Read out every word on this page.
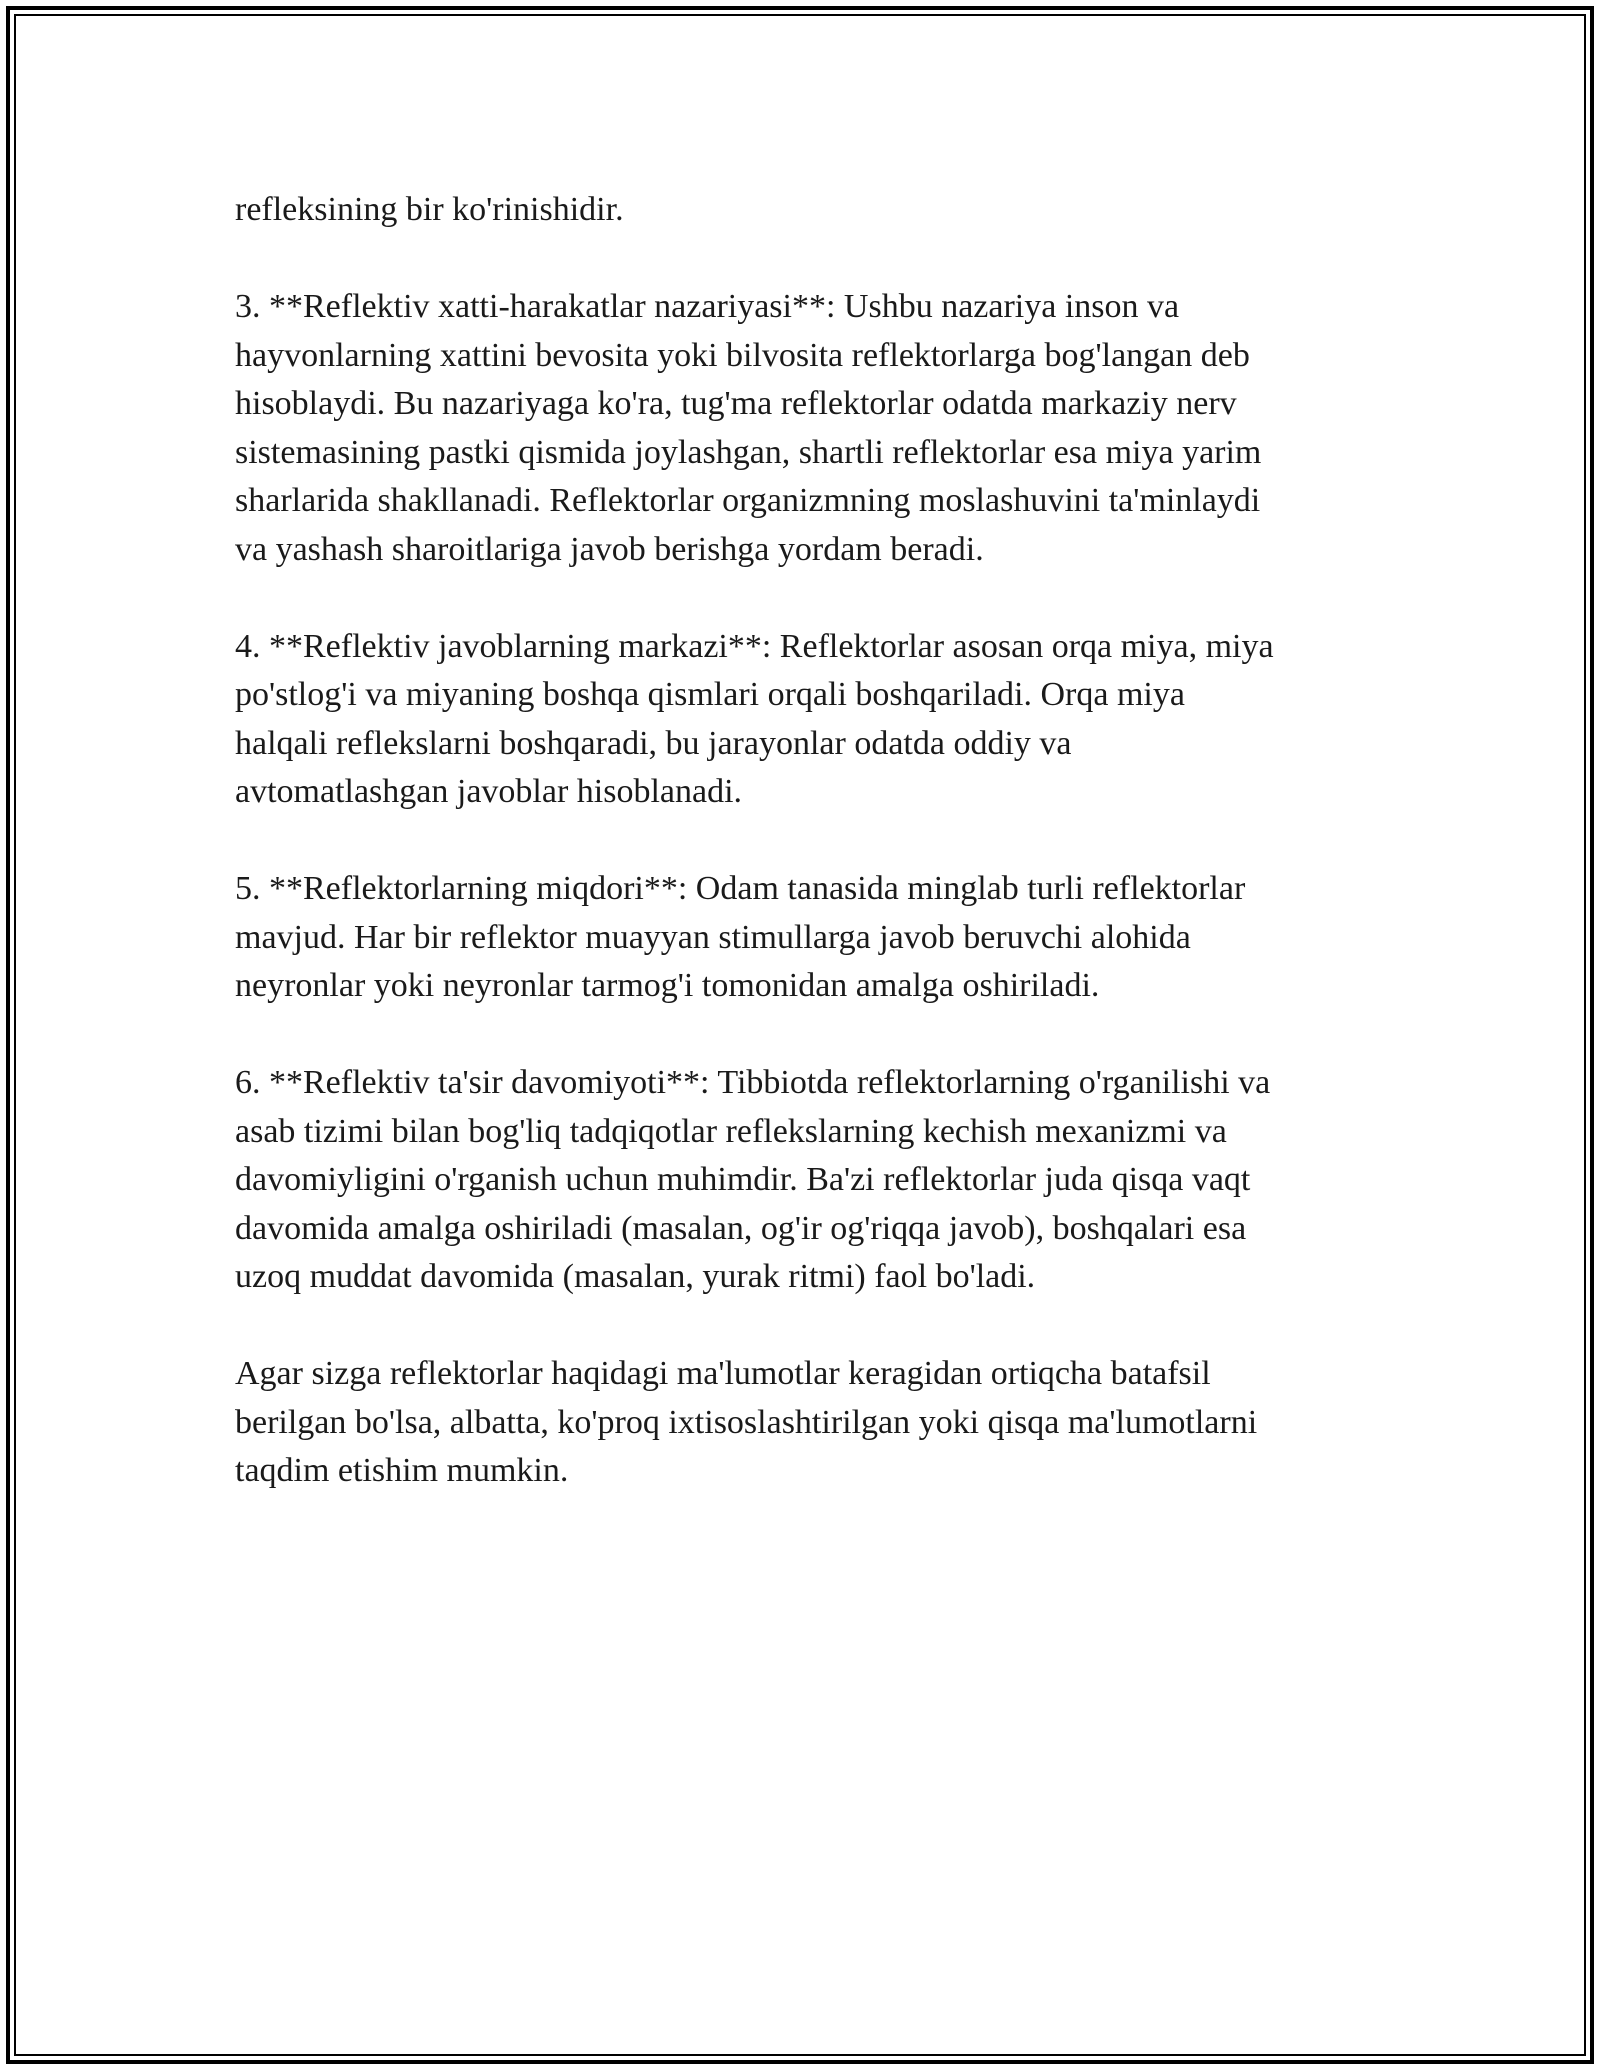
refleksining bir ko'rinishidir.

3. **Reflektiv xatti-harakatlar nazariyasi**: Ushbu nazariya inson va
hayvonlarning xattini bevosita yoki bilvosita reflektorlarga bog'langan deb
hisoblaydi. Bu nazariyaga ko'ra, tug'ma reflektorlar odatda markaziy nerv
sistemasining pastki qismida joylashgan, shartli reflektorlar esa miya yarim
sharlarida shakllanadi. Reflektorlar organizmning moslashuvini ta'minlaydi
va yashash sharoitlariga javob berishga yordam beradi.

4. **Reflektiv javoblarning markazi**: Reflektorlar asosan orqa miya, miya
po'stlog'i va miyaning boshqa qismlari orqali boshqariladi. Orqa miya
halqali reflekslarni boshqaradi, bu jarayonlar odatda oddiy va
avtomatlashgan javoblar hisoblanadi.

5. **Reflektorlarning miqdori**: Odam tanasida minglab turli reflektorlar
mavjud. Har bir reflektor muayyan stimullarga javob beruvchi alohida
neyronlar yoki neyronlar tarmog'i tomonidan amalga oshiriladi.

6. **Reflektiv ta'sir davomiyoti**: Tibbiotda reflektorlarning o'rganilishi va
asab tizimi bilan bog'liq tadqiqotlar reflekslarning kechish mexanizmi va
davomiyligini o'rganish uchun muhimdir. Ba'zi reflektorlar juda qisqa vaqt
davomida amalga oshiriladi (masalan, og'ir og'riqqa javob), boshqalari esa
uzoq muddat davomida (masalan, yurak ritmi) faol bo'ladi.

Agar sizga reflektorlar haqidagi ma'lumotlar keragidan ortiqcha batafsil
berilgan bo'lsa, albatta, ko'proq ixtisoslashtirilgan yoki qisqa ma'lumotlarni
taqdim etishim mumkin.
